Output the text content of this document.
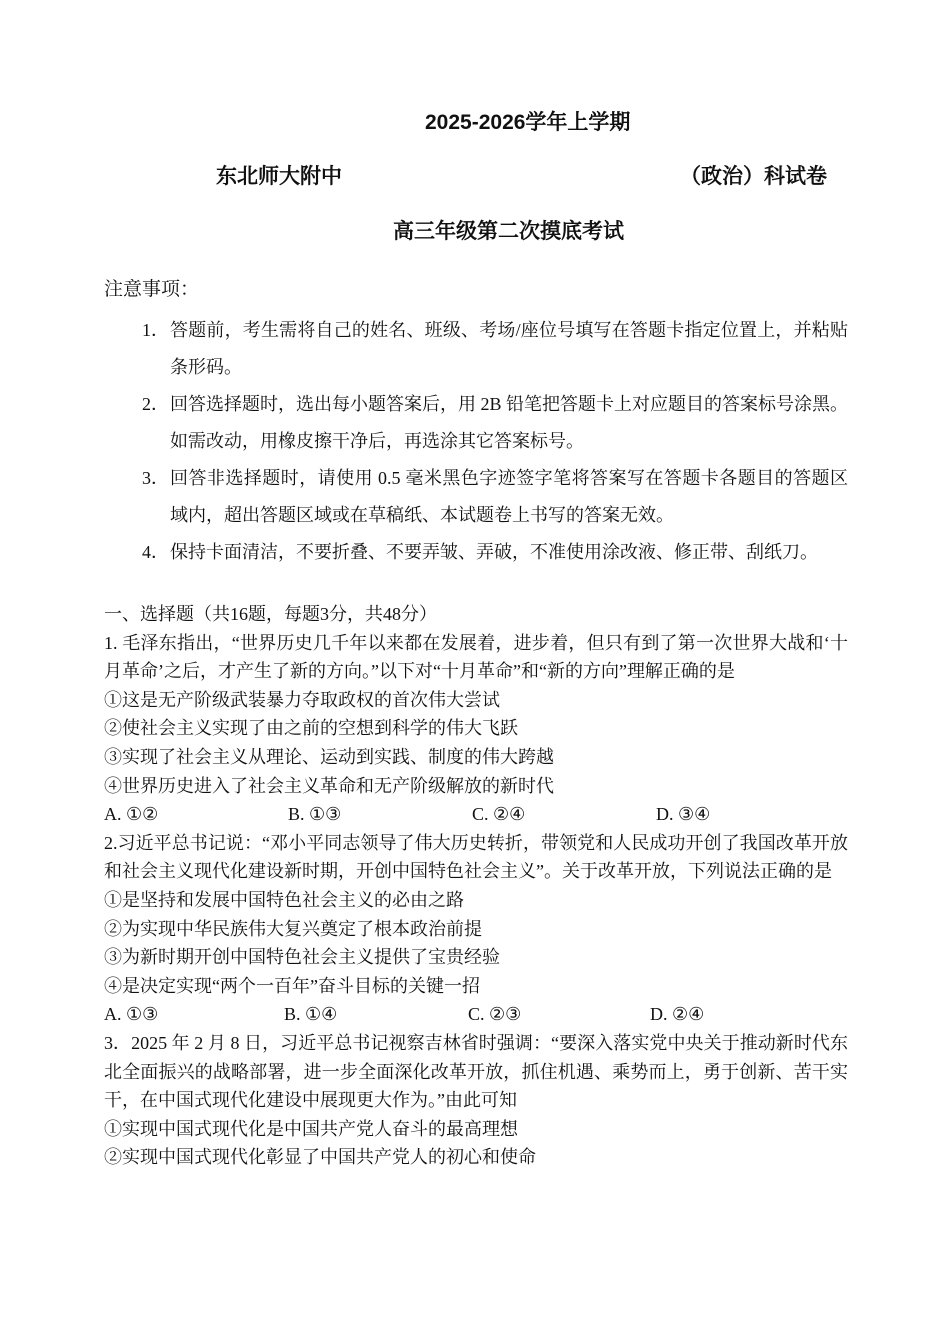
2025-2026学年上学期
东北师大附中	（政治）科试卷
高三年级第二次摸底考试
注意事项：
1． 答题前，考生需将自己的姓名、班级、考场/座位号填写在答题卡指定位置上，并粘贴条形码。
2． 回答选择题时，选出每小题答案后，用 2B 铅笔把答题卡上对应题目的答案标号涂黑。如需改动，用橡皮擦干净后，再选涂其它答案标号。
3． 回答非选择题时，请使用 0.5 毫米黑色字迹签字笔将答案写在答题卡各题目的答题区域内，超出答题区域或在草稿纸、本试题卷上书写的答案无效。
4． 保持卡面清洁，不要折叠、不要弄皱、弄破，不准使用涂改液、修正带、刮纸刀。
一、选择题（共16题，每题3分，共48分）
1. 毛泽东指出，“世界历史几千年以来都在发展着，进步着，但只有到了第一次世界大战和‘十月革命’之后，才产生了新的方向。”以下对“十月革命”和“新的方向”理解正确的是
①这是无产阶级武装暴力夺取政权的首次伟大尝试
②使社会主义实现了由之前的空想到科学的伟大飞跃
③实现了社会主义从理论、运动到实践、制度的伟大跨越
④世界历史进入了社会主义革命和无产阶级解放的新时代
A. ①②	B. ①③	C. ②④	D. ③④
2.习近平总书记说：“邓小平同志领导了伟大历史转折，带领党和人民成功开创了我国改革开放和社会主义现代化建设新时期，开创中国特色社会主义”。关于改革开放，下列说法正确的是
①是坚持和发展中国特色社会主义的必由之路
②为实现中华民族伟大复兴奠定了根本政治前提
③为新时期开创中国特色社会主义提供了宝贵经验
④是决定实现“两个一百年”奋斗目标的关键一招
A. ①③	B. ①④	C. ②③	D. ②④
3．2025 年 2 月 8 日，习近平总书记视察吉林省时强调：“要深入落实党中央关于推动新时代东北全面振兴的战略部署，进一步全面深化改革开放，抓住机遇、乘势而上，勇于创新、苦干实干，在中国式现代化建设中展现更大作为。”由此可知
①实现中国式现代化是中国共产党人奋斗的最高理想
②实现中国式现代化彰显了中国共产党人的初心和使命
